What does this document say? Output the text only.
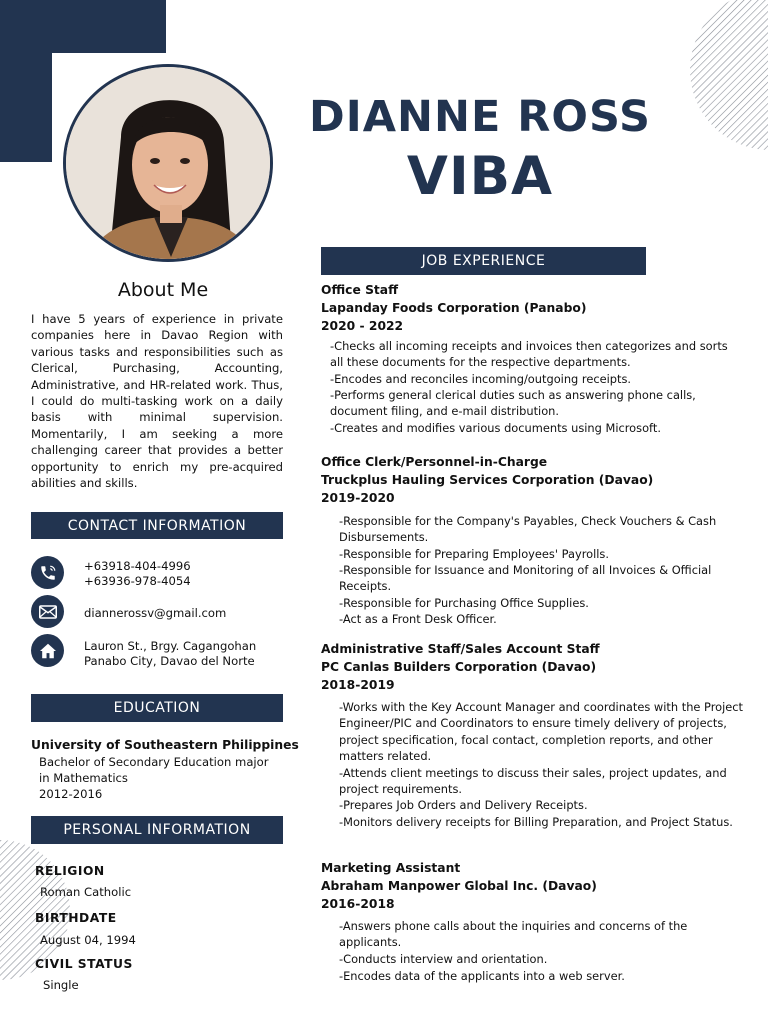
DIANNE ROSS
VIBA
About Me
I have 5 years of experience in private companies here in Davao Region with various tasks and responsibilities such as Clerical, Purchasing, Accounting, Administrative, and HR-related work. Thus, I could do multi-tasking work on a daily basis with minimal supervision. Momentarily, I am seeking a more challenging career that provides a better opportunity to enrich my pre-acquired abilities and skills.
CONTACT INFORMATION
+63918-404-4996
+63936-978-4054
diannerossv@gmail.com
Lauron St., Brgy. Cagangohan
Panabo City, Davao del Norte
EDUCATION
University of Southeastern Philippines
Bachelor of Secondary Education major
in Mathematics
2012-2016
PERSONAL INFORMATION
RELIGION
Roman Catholic
BIRTHDATE
August 04, 1994
CIVIL STATUS
Single
JOB EXPERIENCE
Office Staff
Lapanday Foods Corporation (Panabo)
2020 - 2022
-Checks all incoming receipts and invoices then categorizes and sorts all these documents for the respective departments.
-Encodes and reconciles incoming/outgoing receipts.
-Performs general clerical duties such as answering phone calls, document filing, and e-mail distribution.
-Creates and modifies various documents using Microsoft.
Office Clerk/Personnel-in-Charge
Truckplus Hauling Services Corporation (Davao)
2019-2020
-Responsible for the Company's Payables, Check Vouchers & Cash Disbursements.
-Responsible for Preparing Employees' Payrolls.
-Responsible for Issuance and Monitoring of all Invoices & Official Receipts.
-Responsible for Purchasing Office Supplies.
-Act as a Front Desk Officer.
Administrative Staff/Sales Account Staff
PC Canlas Builders Corporation (Davao)
2018-2019
-Works with the Key Account Manager and coordinates with the Project Engineer/PIC and Coordinators to ensure timely delivery of projects, project specification, focal contact, completion reports, and other matters related.
-Attends client meetings to discuss their sales, project updates, and project requirements.
-Prepares Job Orders and Delivery Receipts.
-Monitors delivery receipts for Billing Preparation, and Project Status.
Marketing Assistant
Abraham Manpower Global Inc. (Davao)
2016-2018
-Answers phone calls about the inquiries and concerns of the applicants.
-Conducts interview and orientation.
-Encodes data of the applicants into a web server.
